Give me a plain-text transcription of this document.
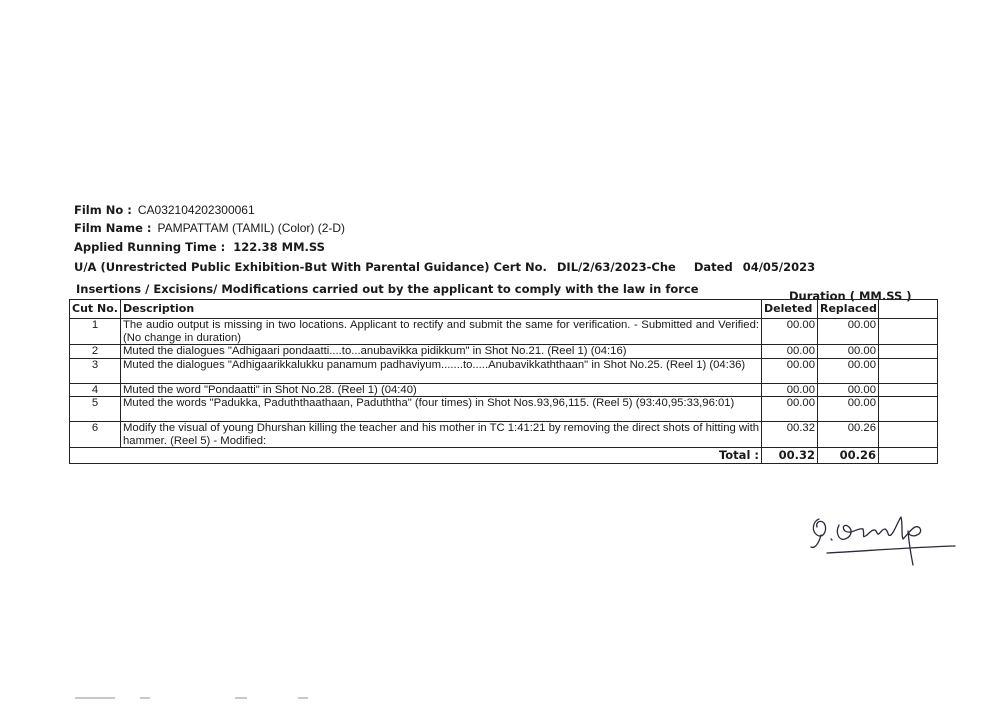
Film No : CA032104202300061
Film Name : PAMPATTAM (TAMIL) (Color) (2-D)
Applied Running Time : 122.38 MM.SS
U/A (Unrestricted Public Exhibition-But With Parental Guidance) Cert No. DIL/2/63/2023-Che Dated 04/05/2023
Insertions / Excisions/ Modifications carried out by the applicant to comply with the law in force	Duration ( MM.SS )
Cut No.	Description	Deleted	Replaced	
1	The audio output is missing in two locations. Applicant to rectify and submit the same for verification. - Submitted and Verified: (No change in duration)	00.00	00.00	
2	Muted the dialogues "Adhigaari pondaatti....to...anubavikka pidikkum" in Shot No.21. (Reel 1) (04:16)	00.00	00.00	
3	Muted the dialogues "Adhigaarikkalukku panamum padhaviyum.......to.....Anubavikkaththaan" in Shot No.25. (Reel 1) (04:36)	00.00	00.00	
4	Muted the word "Pondaatti" in Shot No.28. (Reel 1) (04:40)	00.00	00.00	
5	Muted the words "Padukka, Paduththaathaan, Paduththa" (four times) in Shot Nos.93,96,115. (Reel 5) (93:40,95:33,96:01)	00.00	00.00	
6	Modify the visual of young Dhurshan killing the teacher and his mother in TC 1:41:21 by removing the direct shots of hitting with hammer. (Reel 5) - Modified:	00.32	00.26	
Total :		00.32	00.26	
